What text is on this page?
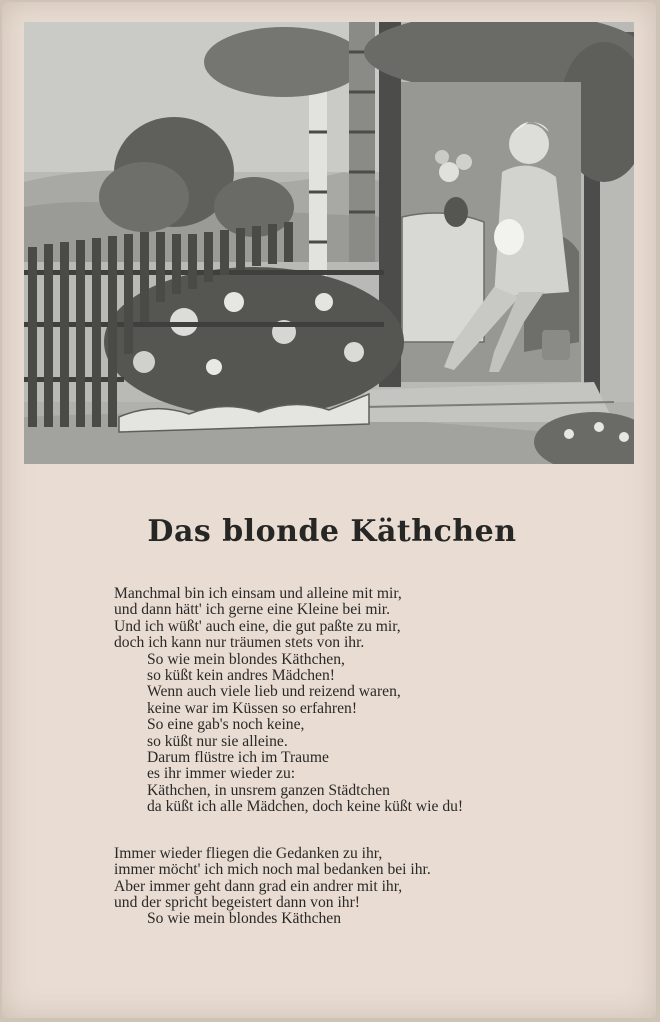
Das blonde Käthchen
Manchmal bin ich einsam und alleine mit mir,
und dann hätt' ich gerne eine Kleine bei mir.
Und ich wüßt' auch eine, die gut paßte zu mir,
doch ich kann nur träumen stets von ihr.
So wie mein blondes Käthchen,
so küßt kein andres Mädchen!
Wenn auch viele lieb und reizend waren,
keine war im Küssen so erfahren!
So eine gab's noch keine,
so küßt nur sie alleine.
Darum flüstre ich im Traume
es ihr immer wieder zu:
Käthchen, in unsrem ganzen Städtchen
da küßt ich alle Mädchen, doch keine küßt wie du!
Immer wieder fliegen die Gedanken zu ihr,
immer möcht' ich mich noch mal bedanken bei ihr.
Aber immer geht dann grad ein andrer mit ihr,
und der spricht begeistert dann von ihr!
So wie mein blondes Käthchen
